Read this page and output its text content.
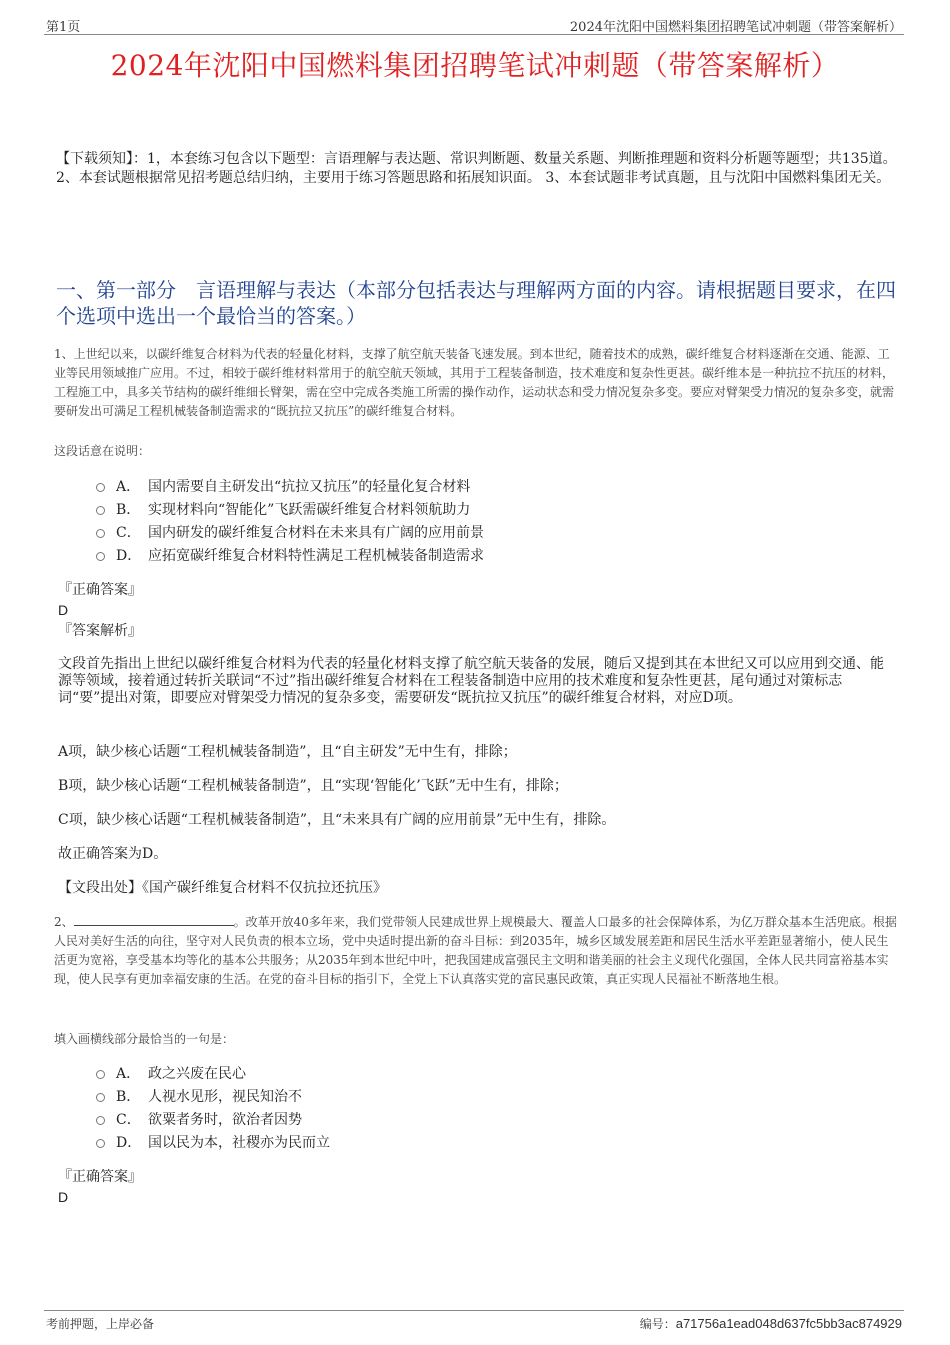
第1页	2024年沈阳中国燃料集团招聘笔试冲刺题（带答案解析）
2024年沈阳中国燃料集团招聘笔试冲刺题（带答案解析）
【下载须知】：1，本套练习包含以下题型：言语理解与表达题、常识判断题、数量关系题、判断推理题和资料分析题等题型；共135道。 2、本套试题根据常见招考题总结归纳，主要用于练习答题思路和拓展知识面。 3、本套试题非考试真题，且与沈阳中国燃料集团无关。
一、第一部分　言语理解与表达（本部分包括表达与理解两方面的内容。请根据题目要求，在四个选项中选出一个最恰当的答案。）
1、上世纪以来，以碳纤维复合材料为代表的轻量化材料，支撑了航空航天装备飞速发展。到本世纪，随着技术的成熟，碳纤维复合材料逐渐在交通、能源、工业等民用领域推广应用。不过，相较于碳纤维材料常用于的航空航天领域，其用于工程装备制造，技术难度和复杂性更甚。碳纤维本是一种抗拉不抗压的材料，工程施工中，具多关节结构的碳纤维细长臂架，需在空中完成各类施工所需的操作动作，运动状态和受力情况复杂多变。要应对臂架受力情况的复杂多变，就需要研发出可满足工程机械装备制造需求的“既抗拉又抗压”的碳纤维复合材料。
这段话意在说明：
A． 国内需要自主研发出“抗拉又抗压”的轻量化复合材料
B． 实现材料向“智能化”飞跃需碳纤维复合材料领航助力
C． 国内研发的碳纤维复合材料在未来具有广阔的应用前景
D． 应拓宽碳纤维复合材料特性满足工程机械装备制造需求
『正确答案』
D
『答案解析』
文段首先指出上世纪以碳纤维复合材料为代表的轻量化材料支撑了航空航天装备的发展，随后又提到其在本世纪又可以应用到交通、能源等领域，接着通过转折关联词“不过”指出碳纤维复合材料在工程装备制造中应用的技术难度和复杂性更甚，尾句通过对策标志词“要”提出对策，即要应对臂架受力情况的复杂多变，需要研发“既抗拉又抗压”的碳纤维复合材料，对应D项。
A项，缺少核心话题“工程机械装备制造”，且“自主研发”无中生有，排除；
B项，缺少核心话题“工程机械装备制造”，且“实现‘智能化’飞跃”无中生有，排除；
C项，缺少核心话题“工程机械装备制造”，且“未来具有广阔的应用前景”无中生有，排除。
故正确答案为D。
【文段出处】《国产碳纤维复合材料不仅抗拉还抗压》
2、	。改革开放40多年来，我们党带领人民建成世界上规模最大、覆盖人口最多的社会保障体系，为亿万群众基本生活兜底。根据人民对美好生活的向往，坚守对人民负责的根本立场，党中央适时提出新的奋斗目标：到2035年，城乡区域发展差距和居民生活水平差距显著缩小，使人民生活更为宽裕，享受基本均等化的基本公共服务；从2035年到本世纪中叶，把我国建成富强民主文明和谐美丽的社会主义现代化强国，全体人民共同富裕基本实现，使人民享有更加幸福安康的生活。在党的奋斗目标的指引下，全党上下认真落实党的富民惠民政策，真正实现人民福祉不断落地生根。
填入画横线部分最恰当的一句是：
A． 政之兴废在民心
B． 人视水见形，视民知治不
C． 欲粟者务时，欲治者因势
D． 国以民为本，社稷亦为民而立
『正确答案』
D
考前押题，上岸必备	编号：a71756a1ead048d637fc5bb3ac874929
